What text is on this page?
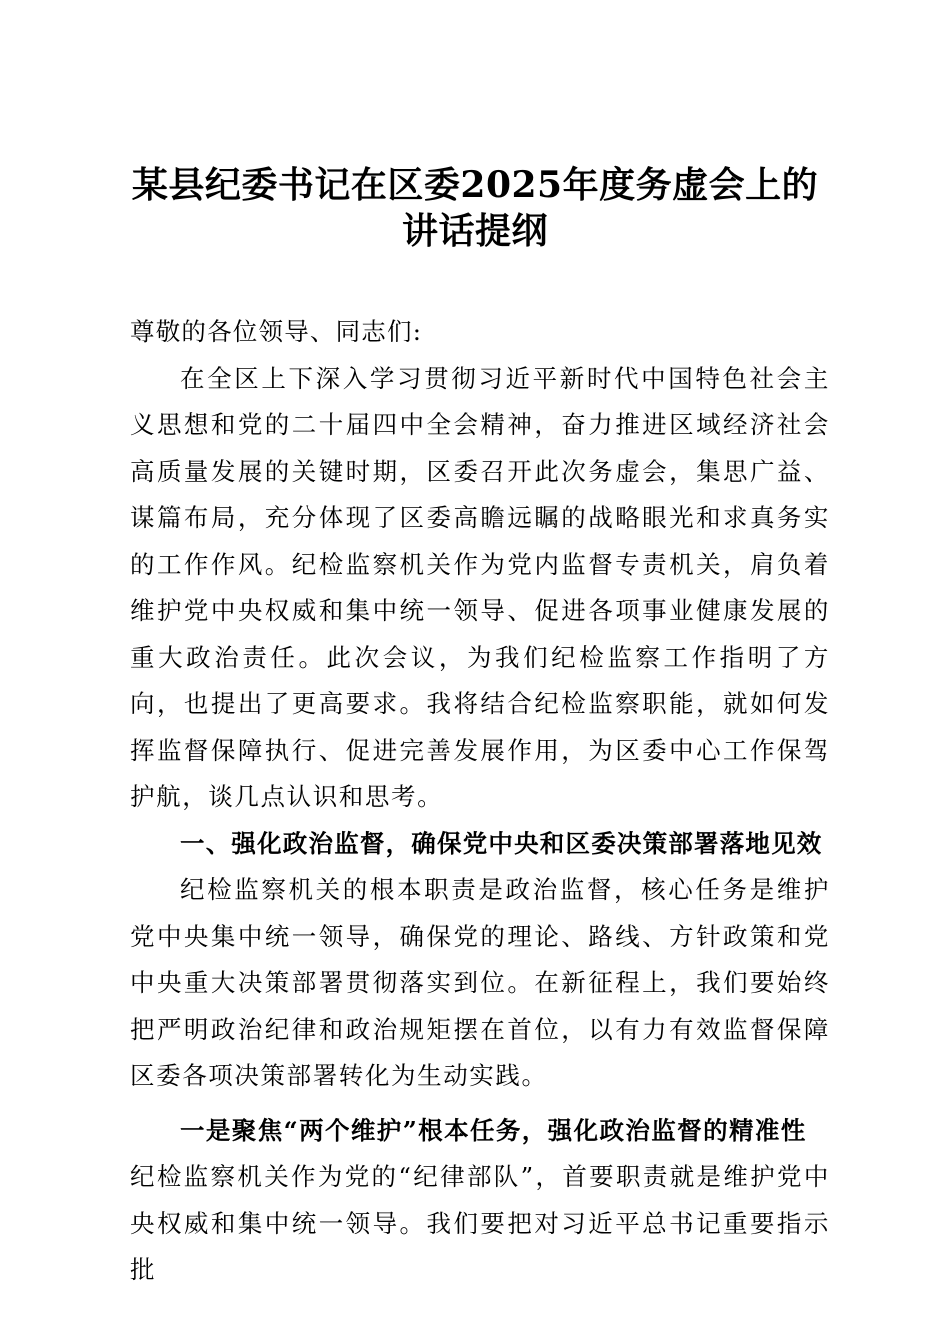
某县纪委书记在区委2025年度务虚会上的讲话提纲

尊敬的各位领导、同志们:

在全区上下深入学习贯彻习近平新时代中国特色社会主义思想和党的二十届四中全会精神，奋力推进区域经济社会高质量发展的关键时期，区委召开此次务虚会，集思广益、谋篇布局，充分体现了区委高瞻远瞩的战略眼光和求真务实的工作作风。纪检监察机关作为党内监督专责机关，肩负着维护党中央权威和集中统一领导、促进各项事业健康发展的重大政治责任。此次会议，为我们纪检监察工作指明了方向，也提出了更高要求。我将结合纪检监察职能，就如何发挥监督保障执行、促进完善发展作用，为区委中心工作保驾护航，谈几点认识和思考。

一、强化政治监督，确保党中央和区委决策部署落地见效

纪检监察机关的根本职责是政治监督，核心任务是维护党中央集中统一领导，确保党的理论、路线、方针政策和党中央重大决策部署贯彻落实到位。在新征程上，我们要始终把严明政治纪律和政治规矩摆在首位，以有力有效监督保障区委各项决策部署转化为生动实践。

一是聚焦“两个维护”根本任务，强化政治监督的精准性

纪检监察机关作为党的“纪律部队”，首要职责就是维护党中央权威和集中统一领导。我们要把对习近平总书记重要指示批
